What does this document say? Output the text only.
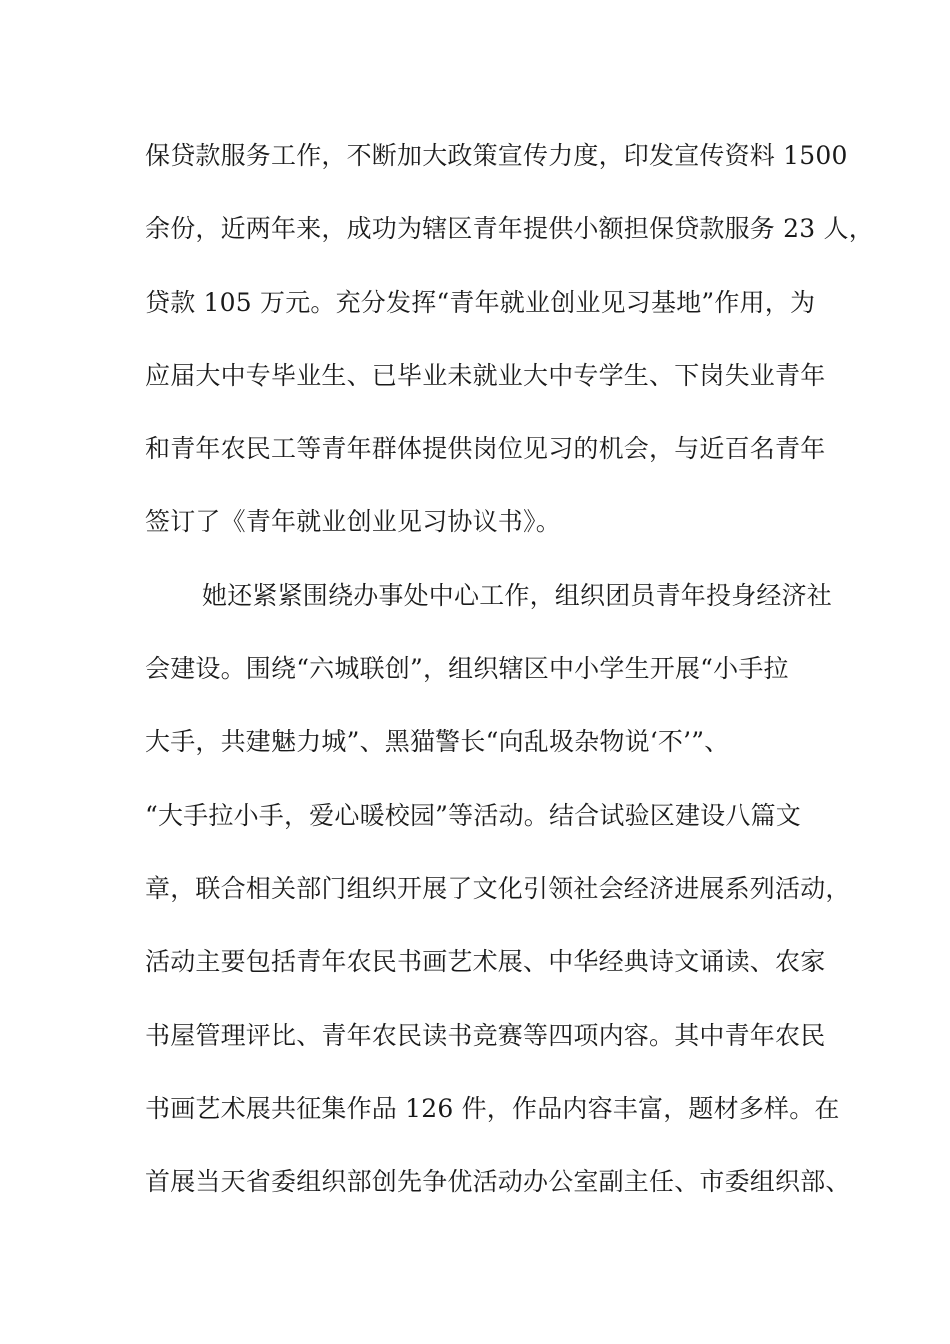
保贷款服务工作，不断加大政策宣传力度，印发宣传资料 1500
余份，近两年来，成功为辖区青年提供小额担保贷款服务 23 人，
贷款 105 万元。充分发挥“青年就业创业见习基地”作用，为
应届大中专毕业生、已毕业未就业大中专学生、下岗失业青年
和青年农民工等青年群体提供岗位见习的机会，与近百名青年
签订了《青年就业创业见习协议书》。
她还紧紧围绕办事处中心工作，组织团员青年投身经济社
会建设。围绕“六城联创”，组织辖区中小学生开展“小手拉
大手，共建魅力城”、黑猫警长“向乱圾杂物说‘不’”、
“大手拉小手，爱心暖校园”等活动。结合试验区建设八篇文
章，联合相关部门组织开展了文化引领社会经济进展系列活动，
活动主要包括青年农民书画艺术展、中华经典诗文诵读、农家
书屋管理评比、青年农民读书竞赛等四项内容。其中青年农民
书画艺术展共征集作品 126 件，作品内容丰富，题材多样。在
首展当天省委组织部创先争优活动办公室副主任、市委组织部、
